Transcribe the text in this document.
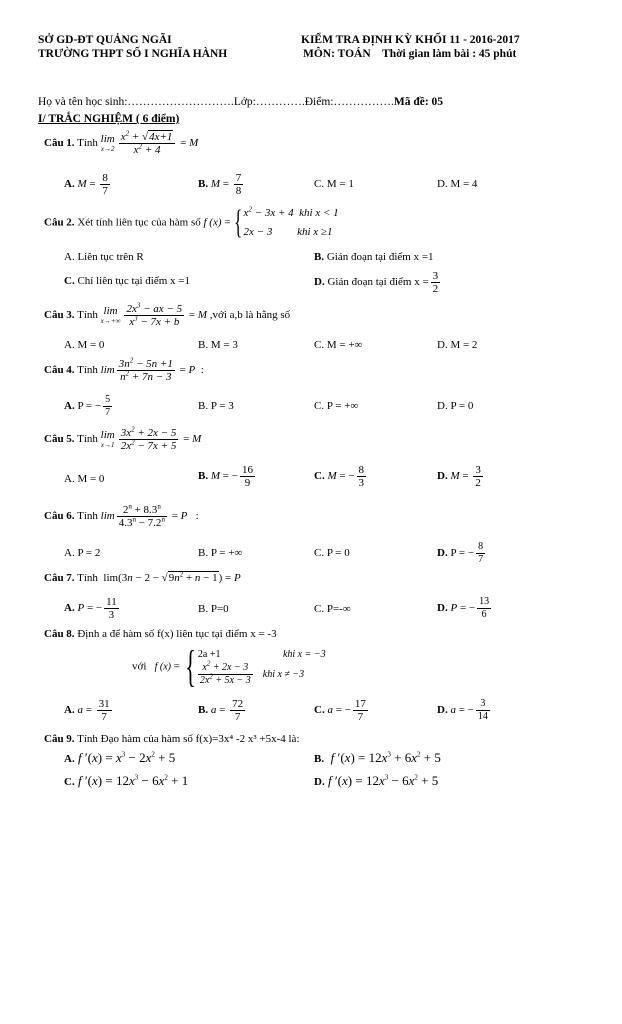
SỞ GD-ĐT QUẢNG NGÃI
TRƯỜNG THPT SỐ I NGHĨA HÀNH
KIỂM TRA ĐỊNH KỲ KHỐI 11 - 2016-2017
MÔN: TOÁN Thời gian làm bài : 45 phút
Họ và tên học sinh:……………………….Lớp:………….Điểm:…………….Mã đề: 05
I/ TRẮC NGHIỆM ( 6 điểm)
Câu 1. Tính lim
$x\to 2 \frac{x^2 + √4x+1}{x^2 + 4} = M$
A. $M = \frac{8}{7}$	B. $M = \frac{7}{8}$	C. M = 1	D. M = 4
Câu 2. Xét tính liên tục của hàm số f (x) = { $x^2 - 3x + 4$  khi x < 1
2x − 3         khi x ≥1
A. Liên tục trên R	B. Gián đoạn tại điểm x =1
C. Chỉ liên tục tại điểm x =1	D. Gián đoạn tại điểm $x = \frac{3}{2}$
Câu 3. Tính lim
$x\to+\infty \frac{2x^3 - ax - 5}{x^3 - 7x + b} = M$ ,với a,b là hằng số
A. M = 0	B. M = 3	C. M = +∞	D. M = 2
Câu 4. Tính $\lim \frac{3n^2 - 5n +1}{n^2 + 7n - 3} = P$ :
A. P = − $\frac{5}{7}$	B. P = 3	C. P = +∞	D. P = 0
Câu 5. Tính lim
$x\to 1 \frac{3x^2 + 2x - 5}{2x^2 - 7x + 5} = M$
A. M = 0	B. M = − $\frac{16}{9}$	C. M = − $\frac{8}{3}$	D. $M = \frac{3}{2}$
Câu 6. Tính $\lim \frac{2^n + 8.3^n}{4.3^n - 7.2^n} = P$ :
A. P = 2	B. P = +∞	C. P = 0	D. P = − $\frac{8}{7}$
Câu 7. Tính  $\lim(3n - 2 - √9n^2 + n - 1) = P$
A. P = − $\frac{11}{3}$	B. P=0	C. P=-∞	D. P = − $\frac{13}{6}$
Câu 8. Định a để hàm số f(x) liên tục tại điểm x = -3
với f (x) = { 2a +1                         khi x = −3
$\frac{x^2 + 2x - 3}{2x^2 + 5x - 3}$ khi x ≠ −3
A. $a = \frac{31}{7}$	B. $a = \frac{72}{7}$	C. a = − $\frac{17}{7}$	D. a = − $\frac{3}{14}$
Câu 9. Tính Đạo hàm của hàm số f(x)=3x⁴ -2 x³ +5x-4 là:
A. f $'(x) = x^3 - 2x^2 + 5$	B. f $'(x) = 12x^3 + 6x^2 + 5$
C. f $'(x) = 12x^3 - 6x^2 + 1$	D. f $'(x) = 12x^3 - 6x^2 + 5$
